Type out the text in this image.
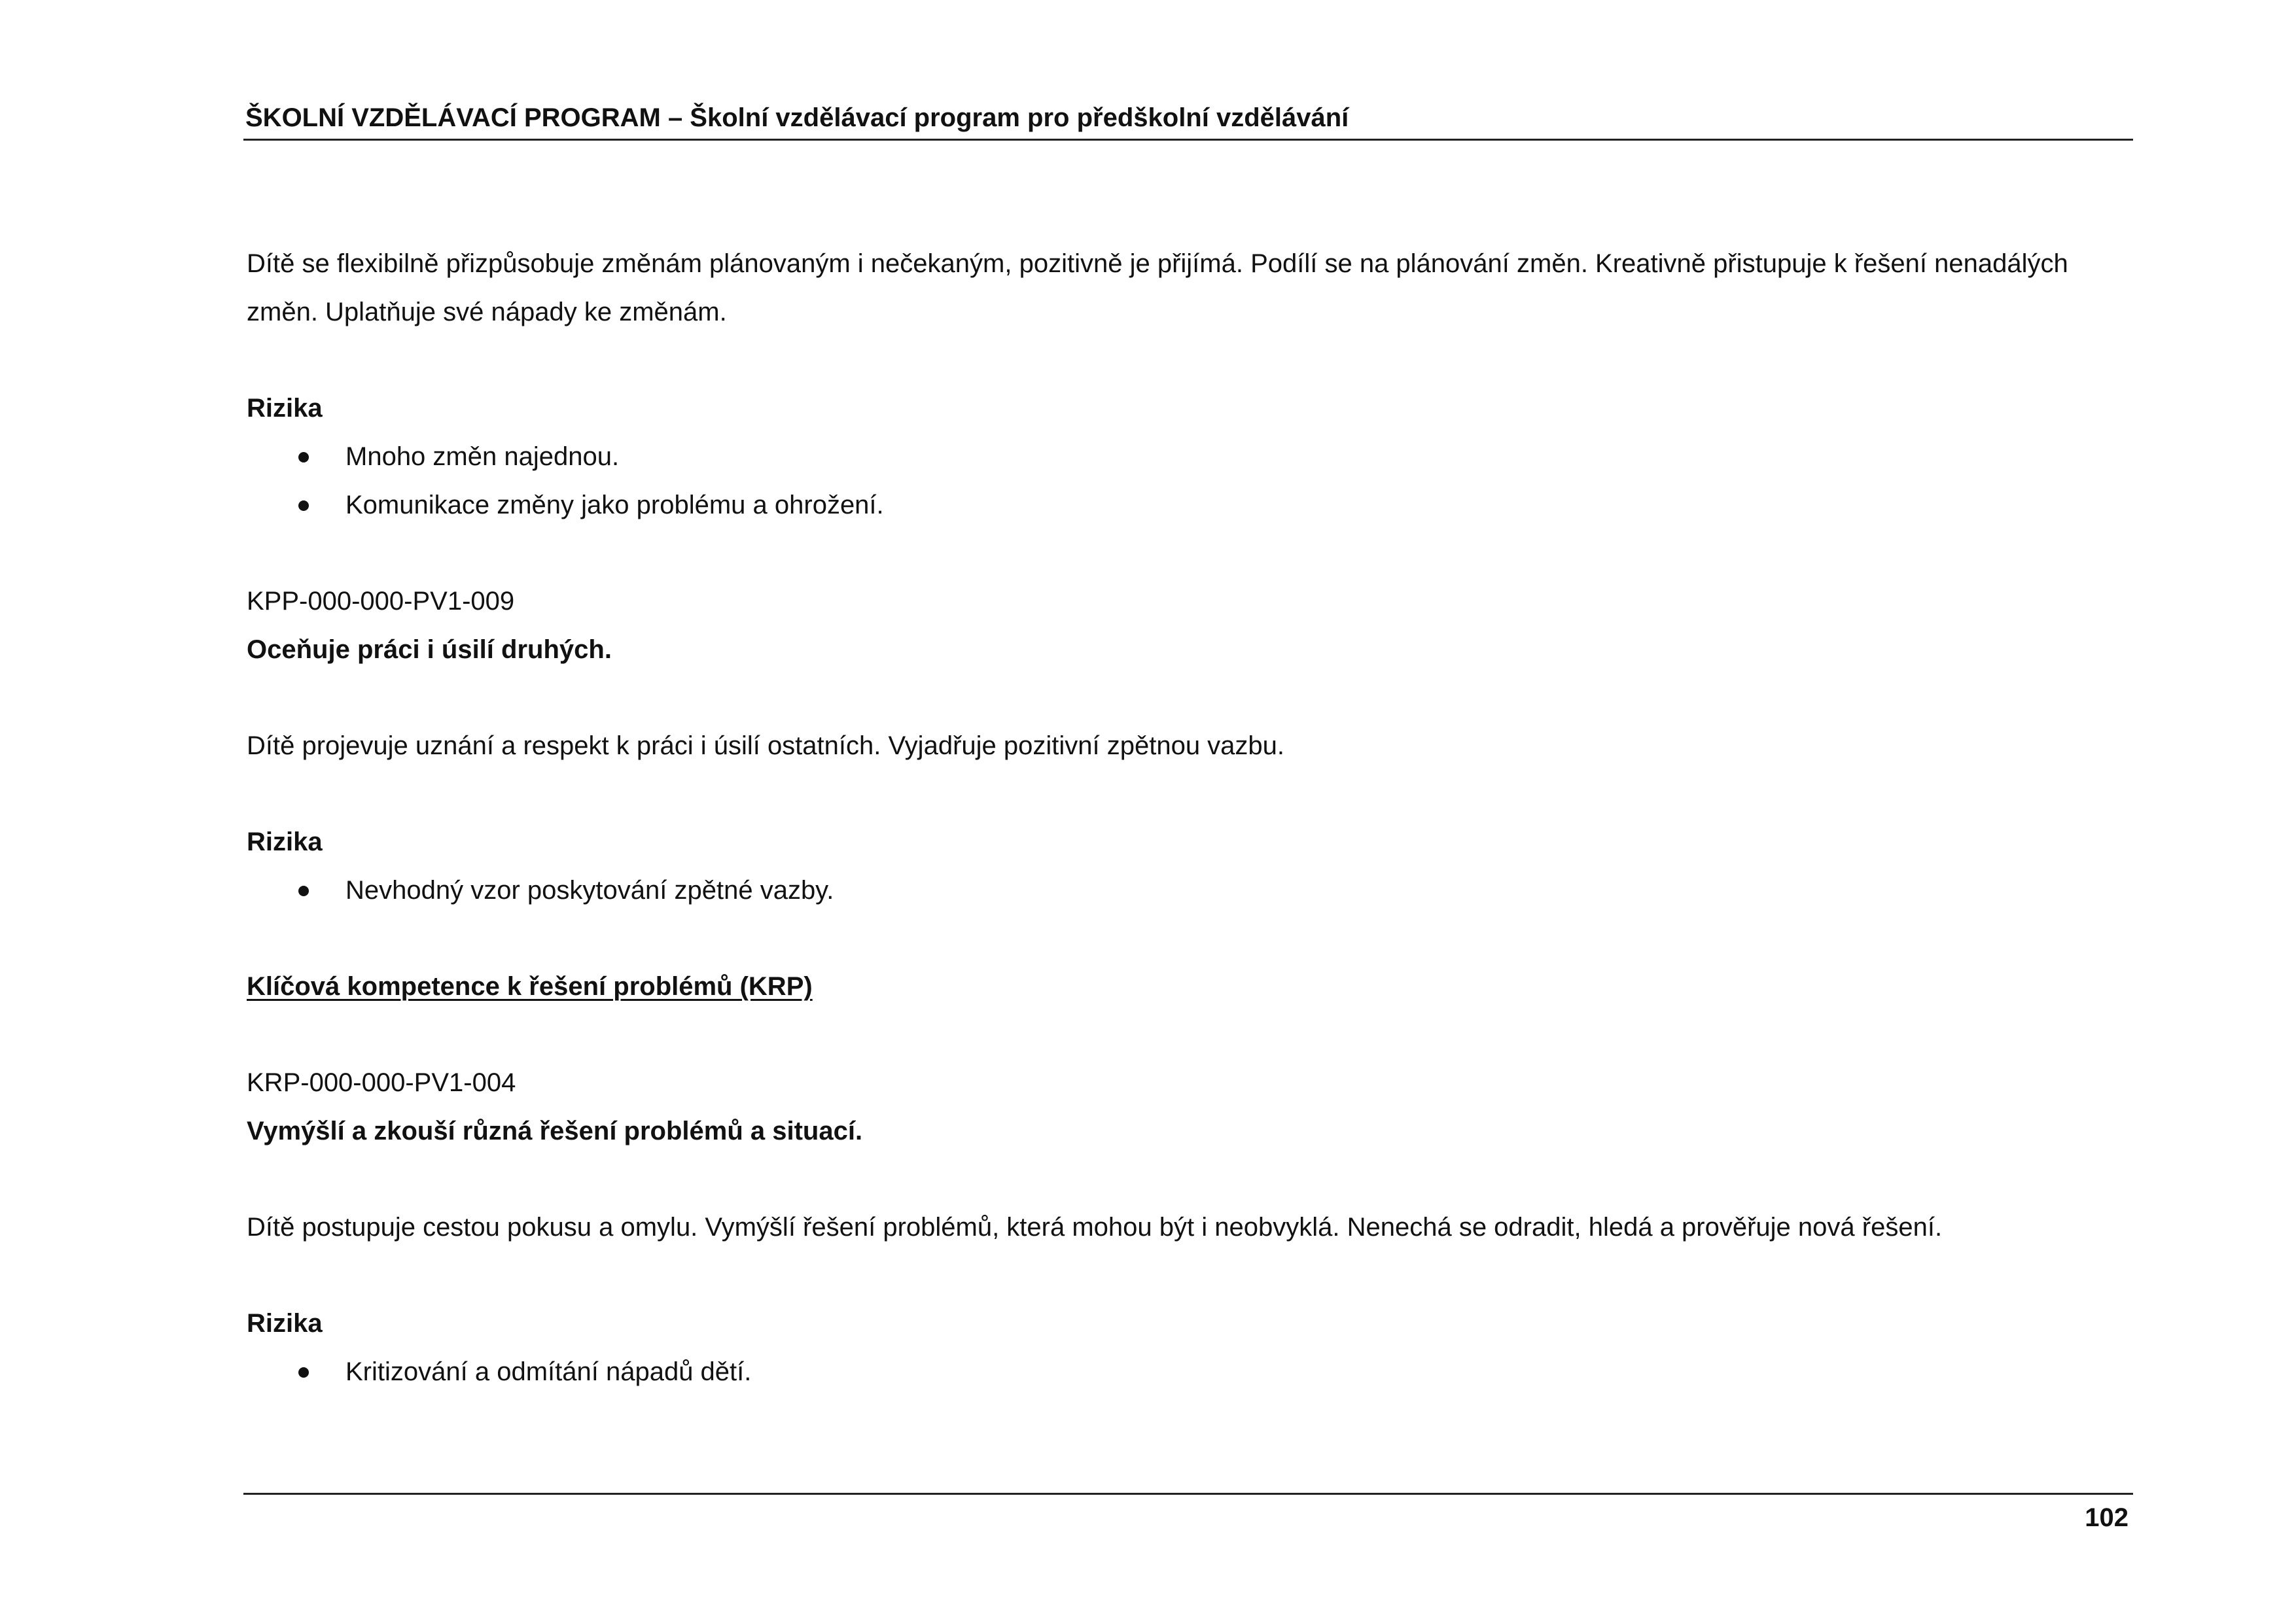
ŠKOLNÍ VZDĚLÁVACÍ PROGRAM – Školní vzdělávací program pro předškolní vzdělávání

Dítě se flexibilně přizpůsobuje změnám plánovaným i nečekaným, pozitivně je přijímá. Podílí se na plánování změn. Kreativně přistupuje k řešení nenadálých

změn. Uplatňuje své nápady ke změnám.

Rizika

Mnoho změn najednou.
Komunikace změny jako problému a ohrožení.

KPP-000-000-PV1-009

Oceňuje práci i úsilí druhých.

Dítě projevuje uznání a respekt k práci i úsilí ostatních. Vyjadřuje pozitivní zpětnou vazbu.

Rizika

Nevhodný vzor poskytování zpětné vazby.

Klíčová kompetence k řešení problémů (KRP)

KRP-000-000-PV1-004

Vymýšlí a zkouší různá řešení problémů a situací.

Dítě postupuje cestou pokusu a omylu. Vymýšlí řešení problémů, která mohou být i neobvyklá. Nenechá se odradit, hledá a prověřuje nová řešení.

Rizika

Kritizování a odmítání nápadů dětí.
102
